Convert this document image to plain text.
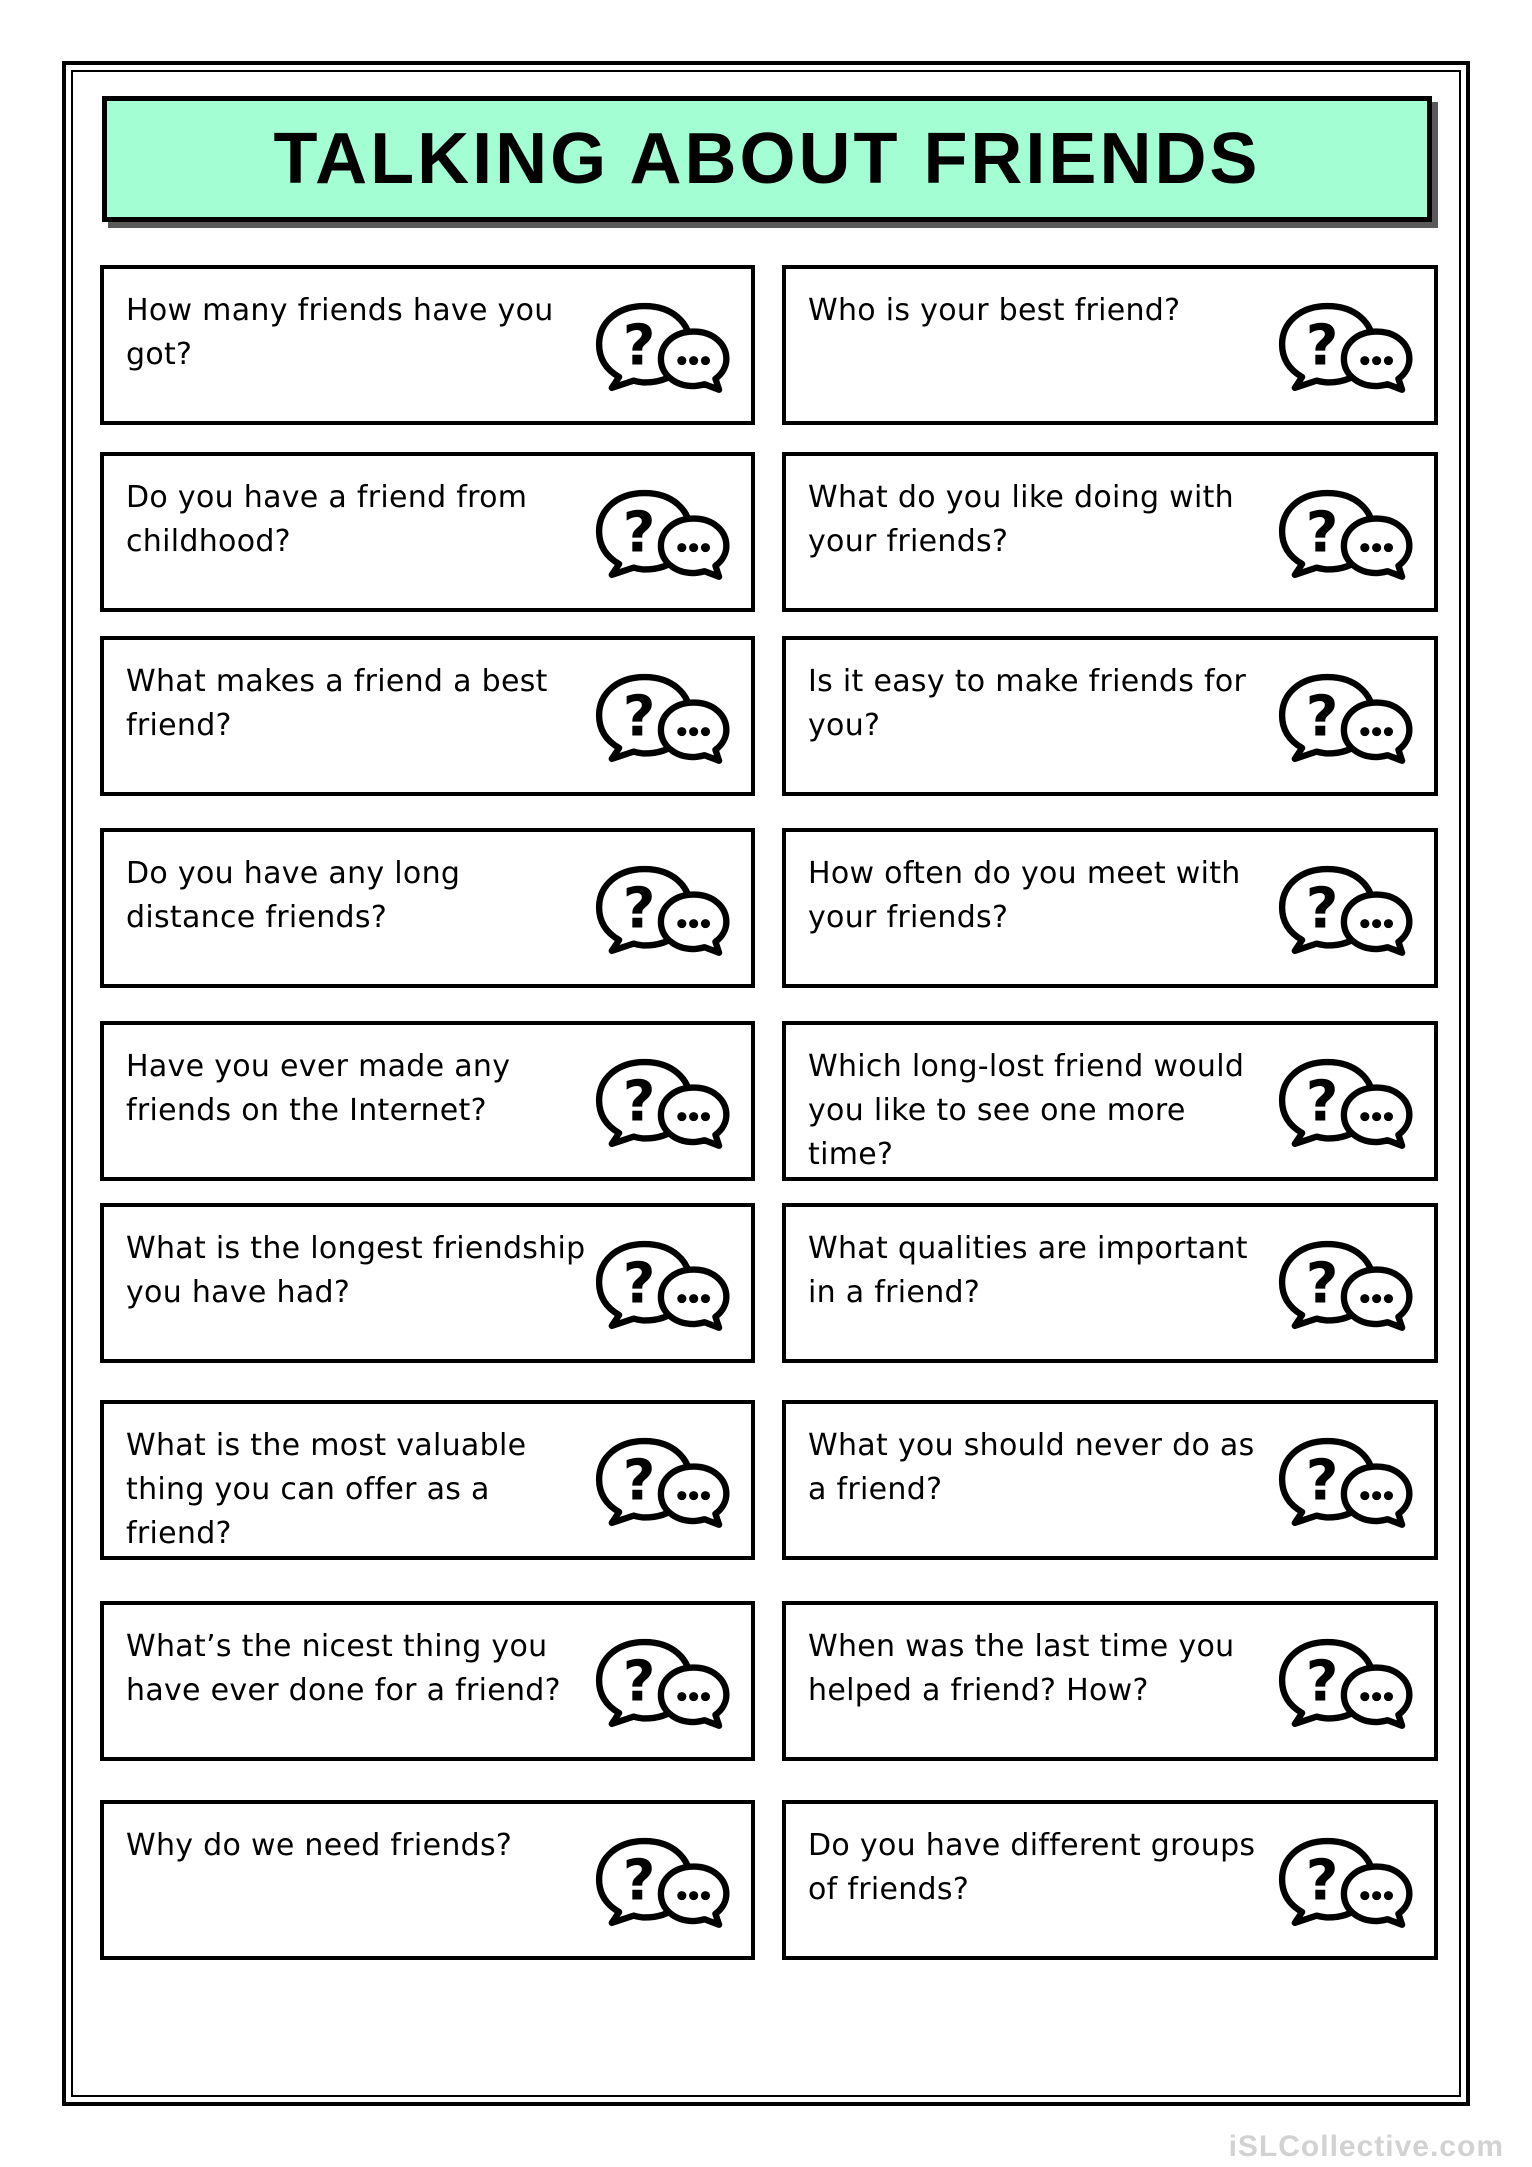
TALKING ABOUT FRIENDS
How many friends have you got?
Do you have a friend from childhood?
What makes a friend a best friend?
Do you have any long distance friends?
Have you ever made any friends on the Internet?
What is the longest friendship you have had?
What is the most valuable thing you can offer as a friend?
What’s the nicest thing you have ever done for a friend?
Why do we need friends?
Who is your best friend?
What do you like doing with your friends?
Is it easy to make friends for you?
How often do you meet with your friends?
Which long-lost friend would you like to see one more time?
What qualities are important in a friend?
What you should never do as a friend?
When was the last time you helped a friend? How?
Do you have different groups of friends?
iSLCollective.com
